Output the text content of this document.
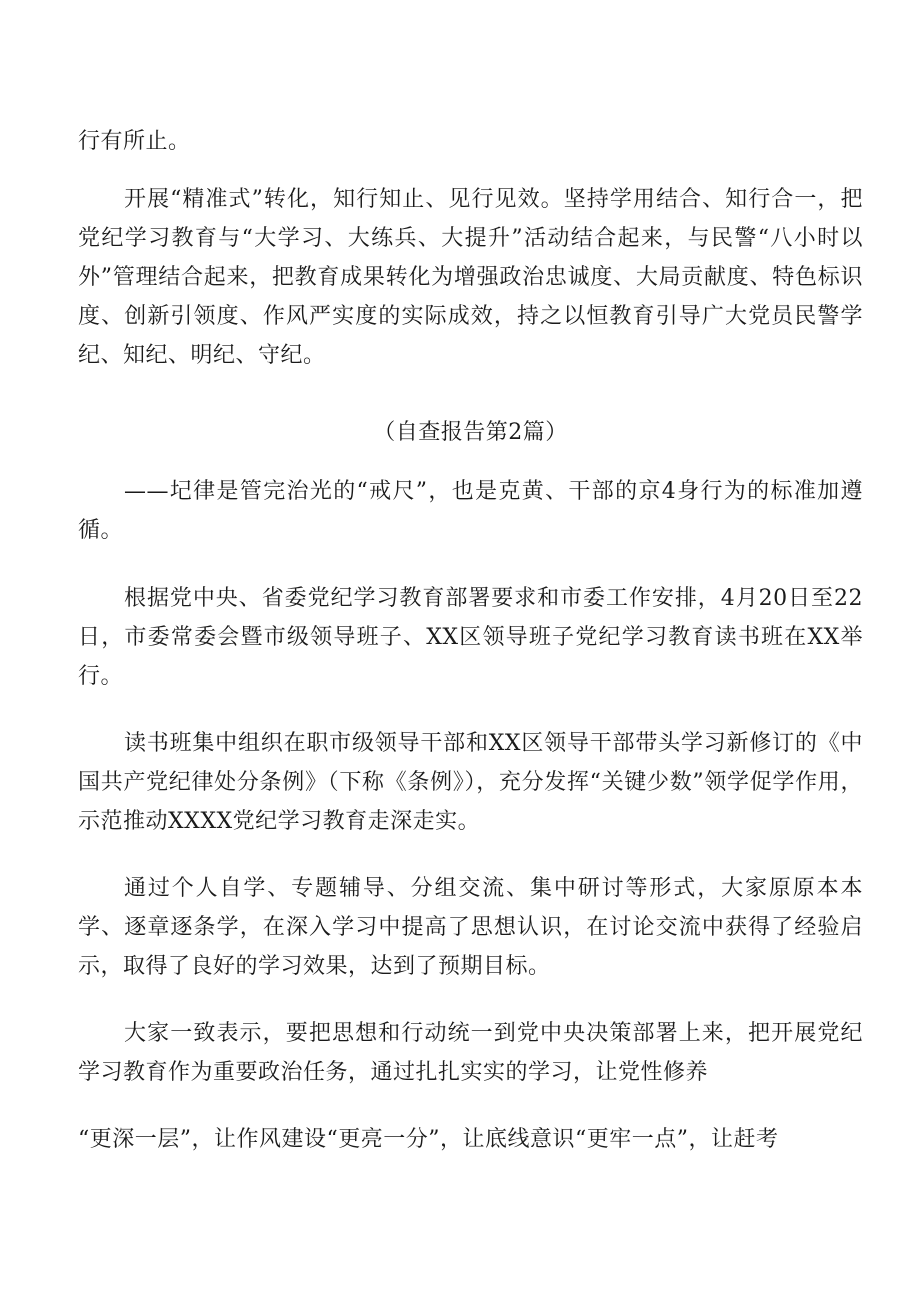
行有所止。

开展“精准式”转化，知行知止、见行见效。坚持学用结合、知行合一，把党纪学习教育与“大学习、大练兵、大提升”活动结合起来，与民警“八小时以外”管理结合起来，把教育成果转化为增强政治忠诚度、大局贡献度、特色标识度、创新引领度、作风严实度的实际成效，持之以恒教育引导广大党员民警学纪、知纪、明纪、守纪。

（自查报告第2篇）

——圮律是管完治光的“戒尺”，也是克黄、干部的京4身行为的标准加遵循。

根据党中央、省委党纪学习教育部署要求和市委工作安排，4月20日至22日，市委常委会暨市级领导班子、XX区领导班子党纪学习教育读书班在XX举行。

读书班集中组织在职市级领导干部和XX区领导干部带头学习新修订的《中国共产党纪律处分条例》（下称《条例》），充分发挥“关键少数”领学促学作用，示范推动XXXX党纪学习教育走深走实。

通过个人自学、专题辅导、分组交流、集中研讨等形式，大家原原本本学、逐章逐条学，在深入学习中提高了思想认识，在讨论交流中获得了经验启示，取得了良好的学习效果，达到了预期目标。

大家一致表示，要把思想和行动统一到党中央决策部署上来，把开展党纪学习教育作为重要政治任务，通过扎扎实实的学习，让党性修养

“更深一层”，让作风建设“更亮一分”，让底线意识“更牢一点”，让赶考
